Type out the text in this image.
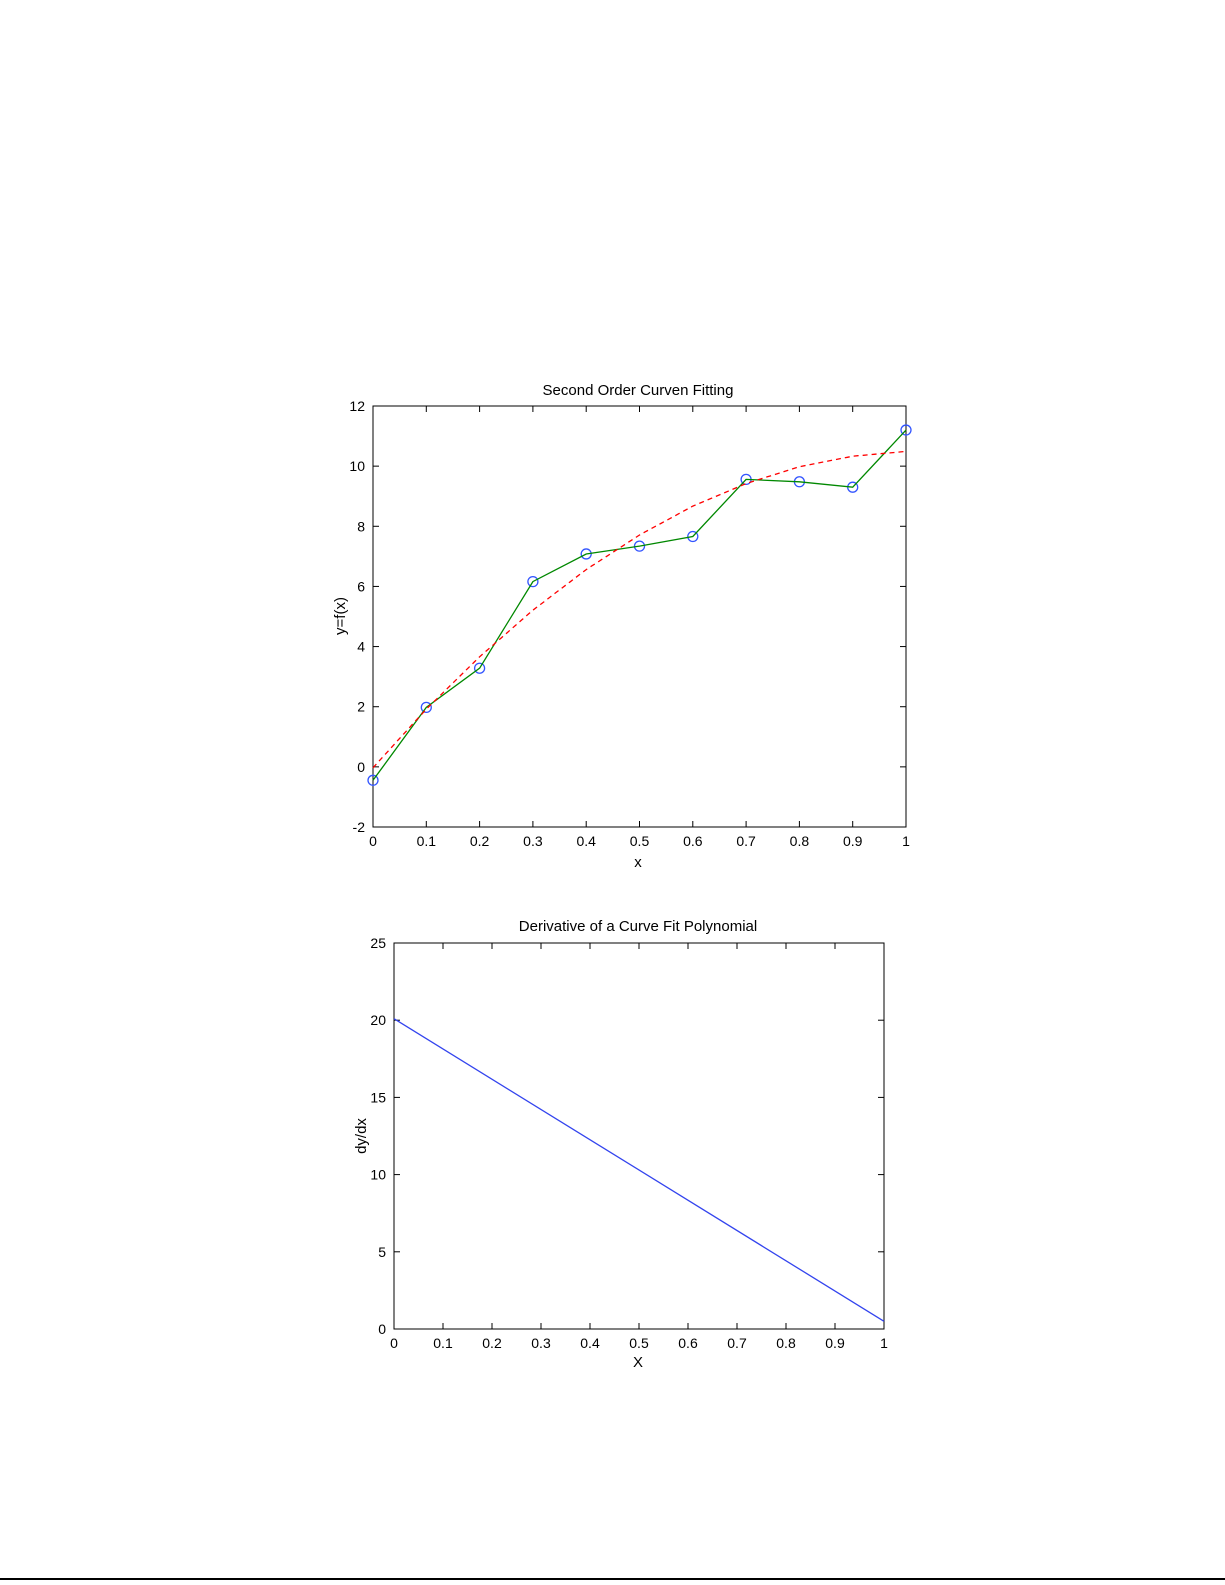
Second Order Curven Fitting
0	0.1 0.2 0.3 0.4 0.5 0.6 0.7 0.8 0.9	1
-2
0
2
4
6
8
10
12
x
y=f(x)
Derivative of a Curve Fit Polynomial
0	0.1 0.2 0.3 0.4 0.5 0.6 0.7 0.8 0.9	1
0
5
10
15
20
25
X
dy/dx
